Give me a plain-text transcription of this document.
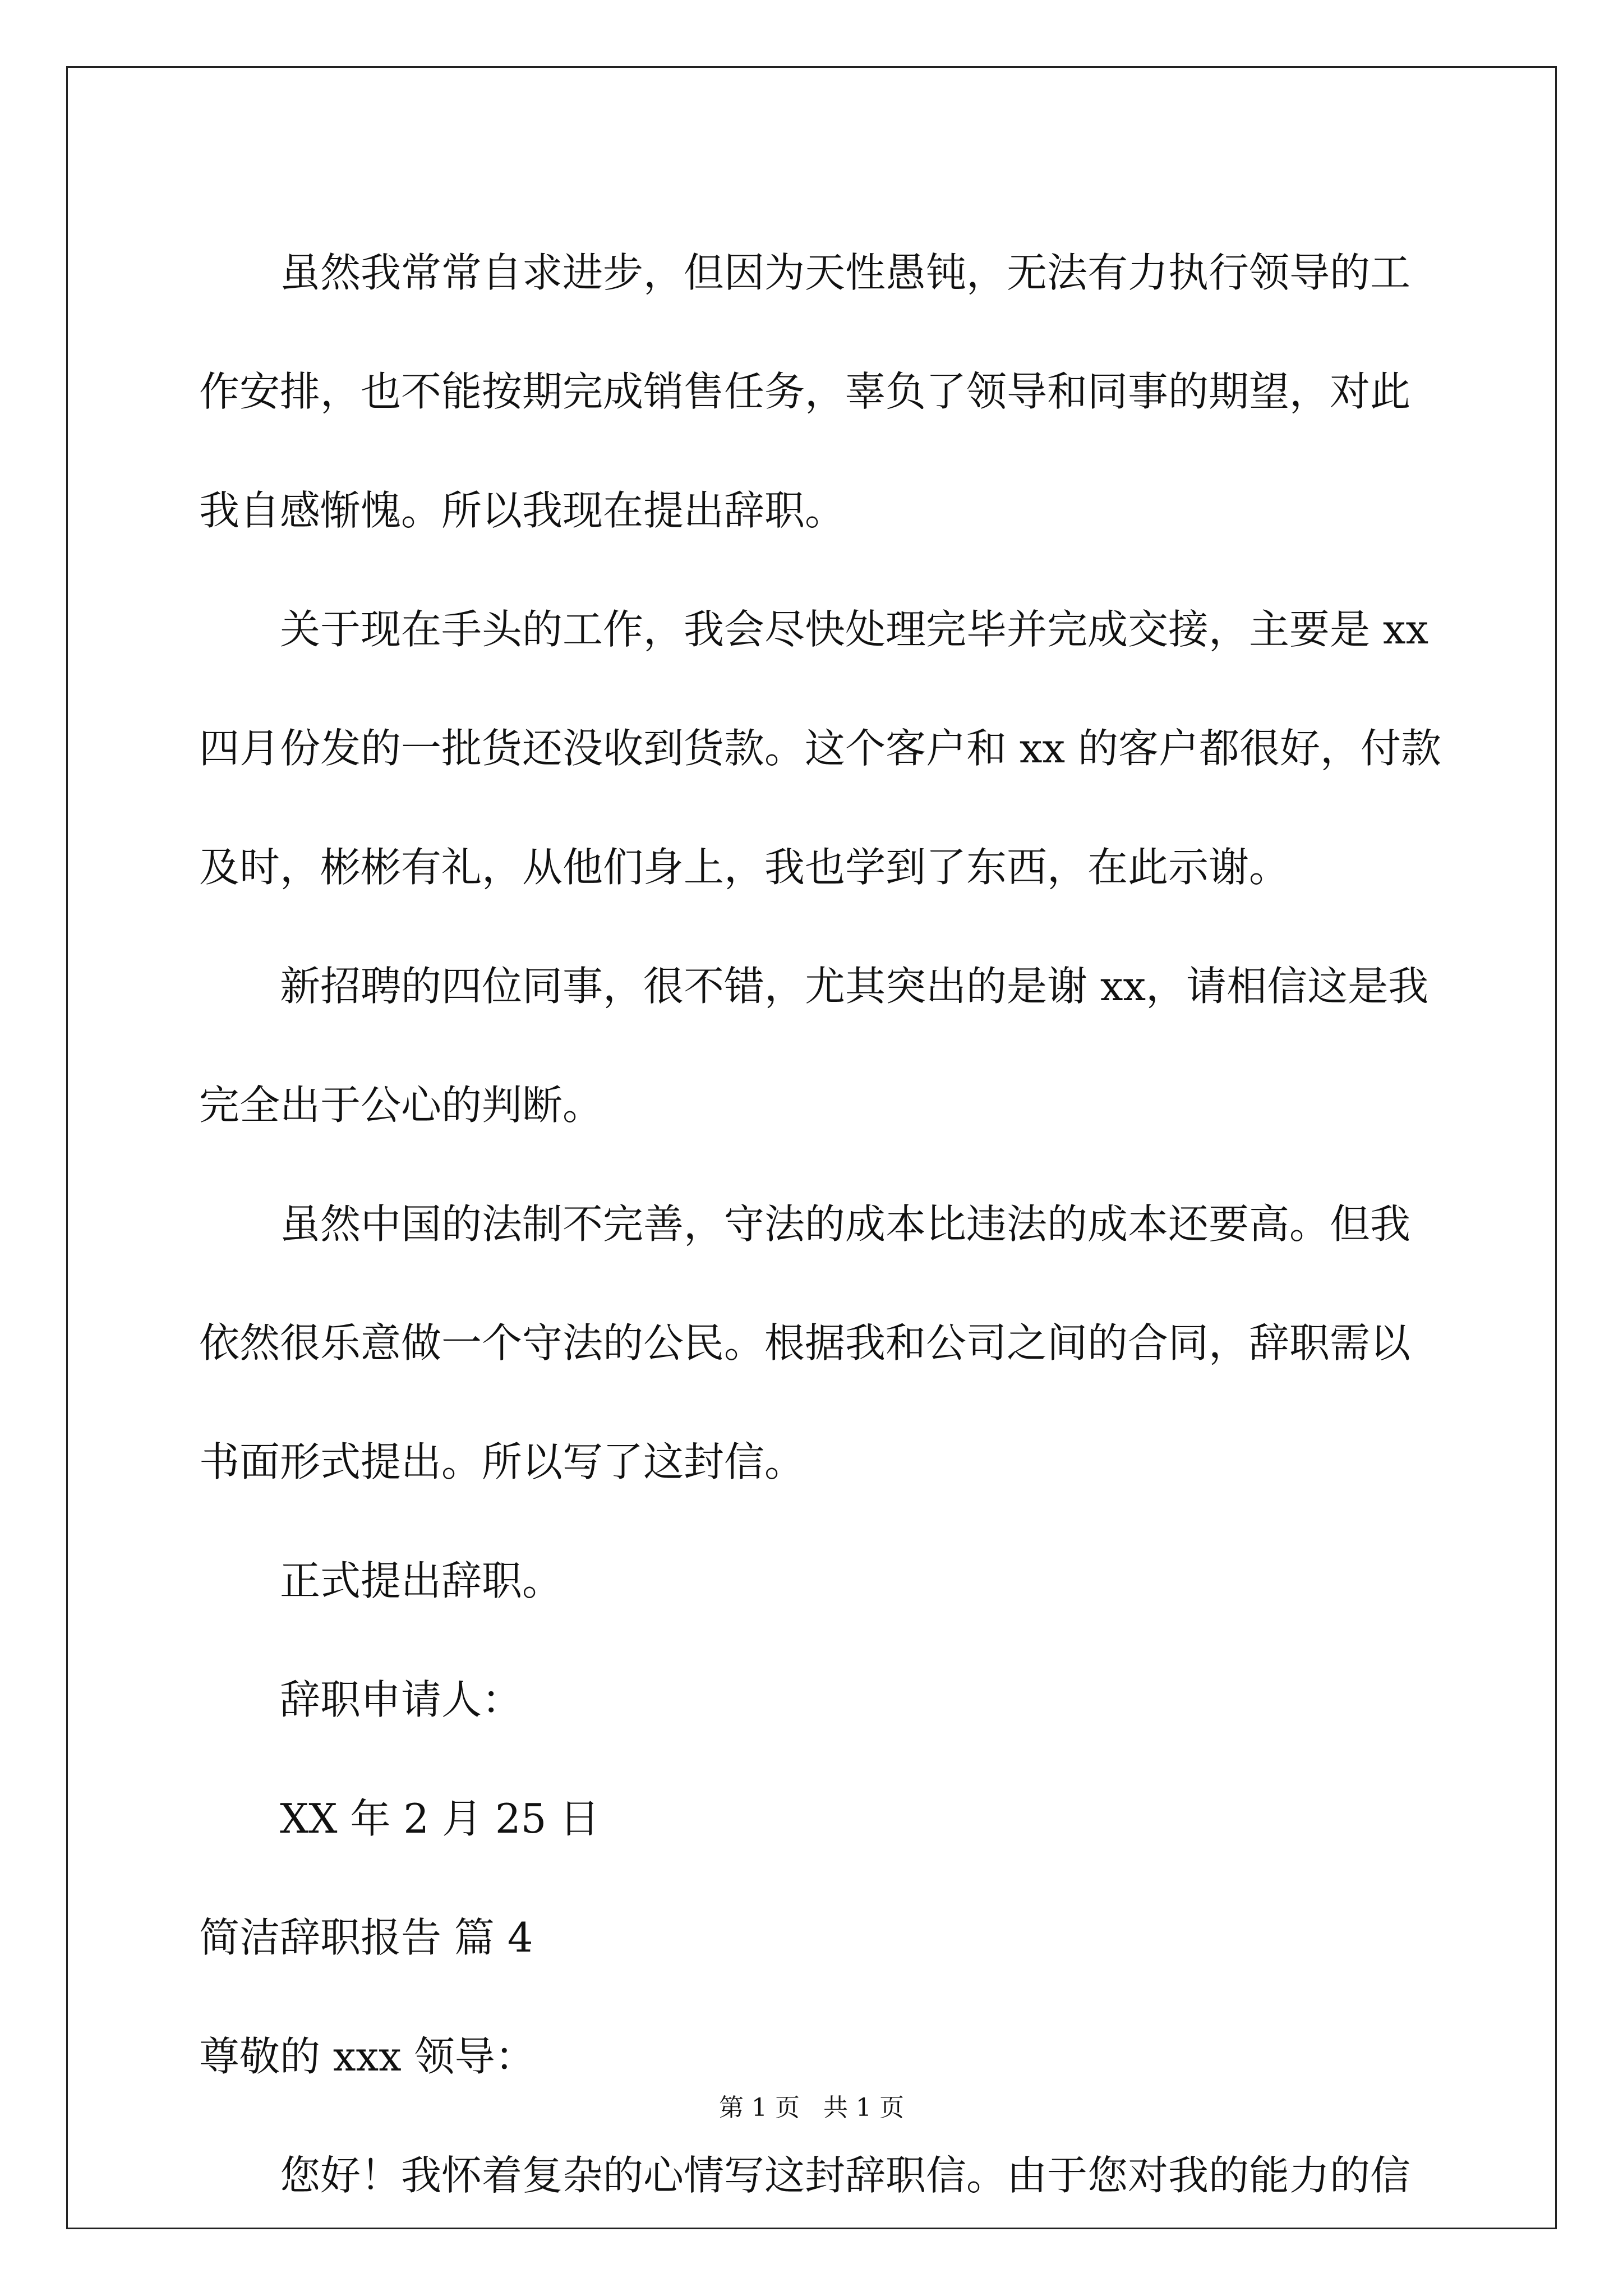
虽然我常常自求进步，但因为天性愚钝，无法有力执行领导的工

作安排，也不能按期完成销售任务，辜负了领导和同事的期望，对此

我自感惭愧。所以我现在提出辞职。

关于现在手头的工作，我会尽快处理完毕并完成交接，主要是 xx

四月份发的一批货还没收到货款。这个客户和 xx 的客户都很好，付款

及时，彬彬有礼，从他们身上，我也学到了东西，在此示谢。

新招聘的四位同事，很不错，尤其突出的是谢 xx，请相信这是我

完全出于公心的判断。

虽然中国的法制不完善，守法的成本比违法的成本还要高。但我

依然很乐意做一个守法的公民。根据我和公司之间的合同，辞职需以

书面形式提出。所以写了这封信。

正式提出辞职。

辞职申请人：

XX 年 2 月 25 日

简洁辞职报告 篇 4

尊敬的 xxx 领导：

您好！我怀着复杂的心情写这封辞职信。由于您对我的能力的信

第 1 页   共 1 页
